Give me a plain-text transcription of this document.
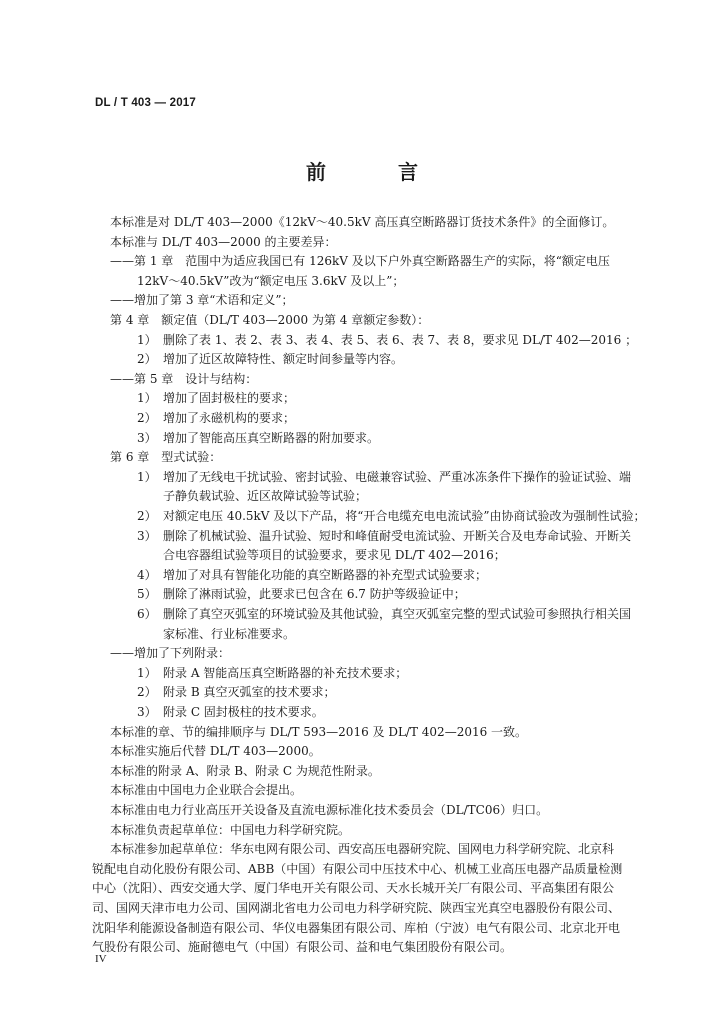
DL / T 403 — 2017
前　言
本标准是对 DL/T 403—2000《12kV～40.5kV 高压真空断路器订货技术条件》的全面修订。
本标准与 DL/T 403—2000 的主要差异：
——第 1 章　范围中为适应我国已有 126kV 及以下户外真空断路器生产的实际，将“额定电压
12kV～40.5kV”改为“额定电压 3.6kV 及以上”；
——增加了第 3 章“术语和定义”；
第 4 章　额定值（DL/T 403—2000 为第 4 章额定参数）：
1） 删除了表 1、表 2、表 3、表 4、表 5、表 6、表 7、表 8，要求见 DL/T 402—2016 ；
2） 增加了近区故障特性、额定时间参量等内容。
——第 5 章　设计与结构：
1） 增加了固封极柱的要求；
2） 增加了永磁机构的要求；
3） 增加了智能高压真空断路器的附加要求。
第 6 章　型式试验：
1） 增加了无线电干扰试验、密封试验、电磁兼容试验、严重冰冻条件下操作的验证试验、端
子静负载试验、近区故障试验等试验；
2） 对额定电压 40.5kV 及以下产品，将“开合电缆充电电流试验”由协商试验改为强制性试验；
3） 删除了机械试验、温升试验、短时和峰值耐受电流试验、开断关合及电寿命试验、开断关
合电容器组试验等项目的试验要求，要求见 DL/T 402—2016；
4） 增加了对具有智能化功能的真空断路器的补充型式试验要求；
5） 删除了淋雨试验，此要求已包含在 6.7 防护等级验证中；
6） 删除了真空灭弧室的环境试验及其他试验，真空灭弧室完整的型式试验可参照执行相关国
家标准、行业标准要求。
——增加了下列附录：
1） 附录 A 智能高压真空断路器的补充技术要求；
2） 附录 B 真空灭弧室的技术要求；
3） 附录 C 固封极柱的技术要求。
本标准的章、节的编排顺序与 DL/T 593—2016 及 DL/T 402—2016 一致。
本标准实施后代替 DL/T 403—2000。
本标准的附录 A、附录 B、附录 C 为规范性附录。
本标准由中国电力企业联合会提出。
本标准由电力行业高压开关设备及直流电源标准化技术委员会（DL/TC06）归口。
本标准负责起草单位：中国电力科学研究院。
本标准参加起草单位：华东电网有限公司、西安高压电器研究院、国网电力科学研究院、北京科
锐配电自动化股份有限公司、ABB（中国）有限公司中压技术中心、机械工业高压电器产品质量检测
中心（沈阳）、西安交通大学、厦门华电开关有限公司、天水长城开关厂有限公司、平高集团有限公
司、国网天津市电力公司、国网湖北省电力公司电力科学研究院、陕西宝光真空电器股份有限公司、
沈阳华利能源设备制造有限公司、华仪电器集团有限公司、库柏（宁波）电气有限公司、北京北开电
气股份有限公司、施耐德电气（中国）有限公司、益和电气集团股份有限公司。
IV
